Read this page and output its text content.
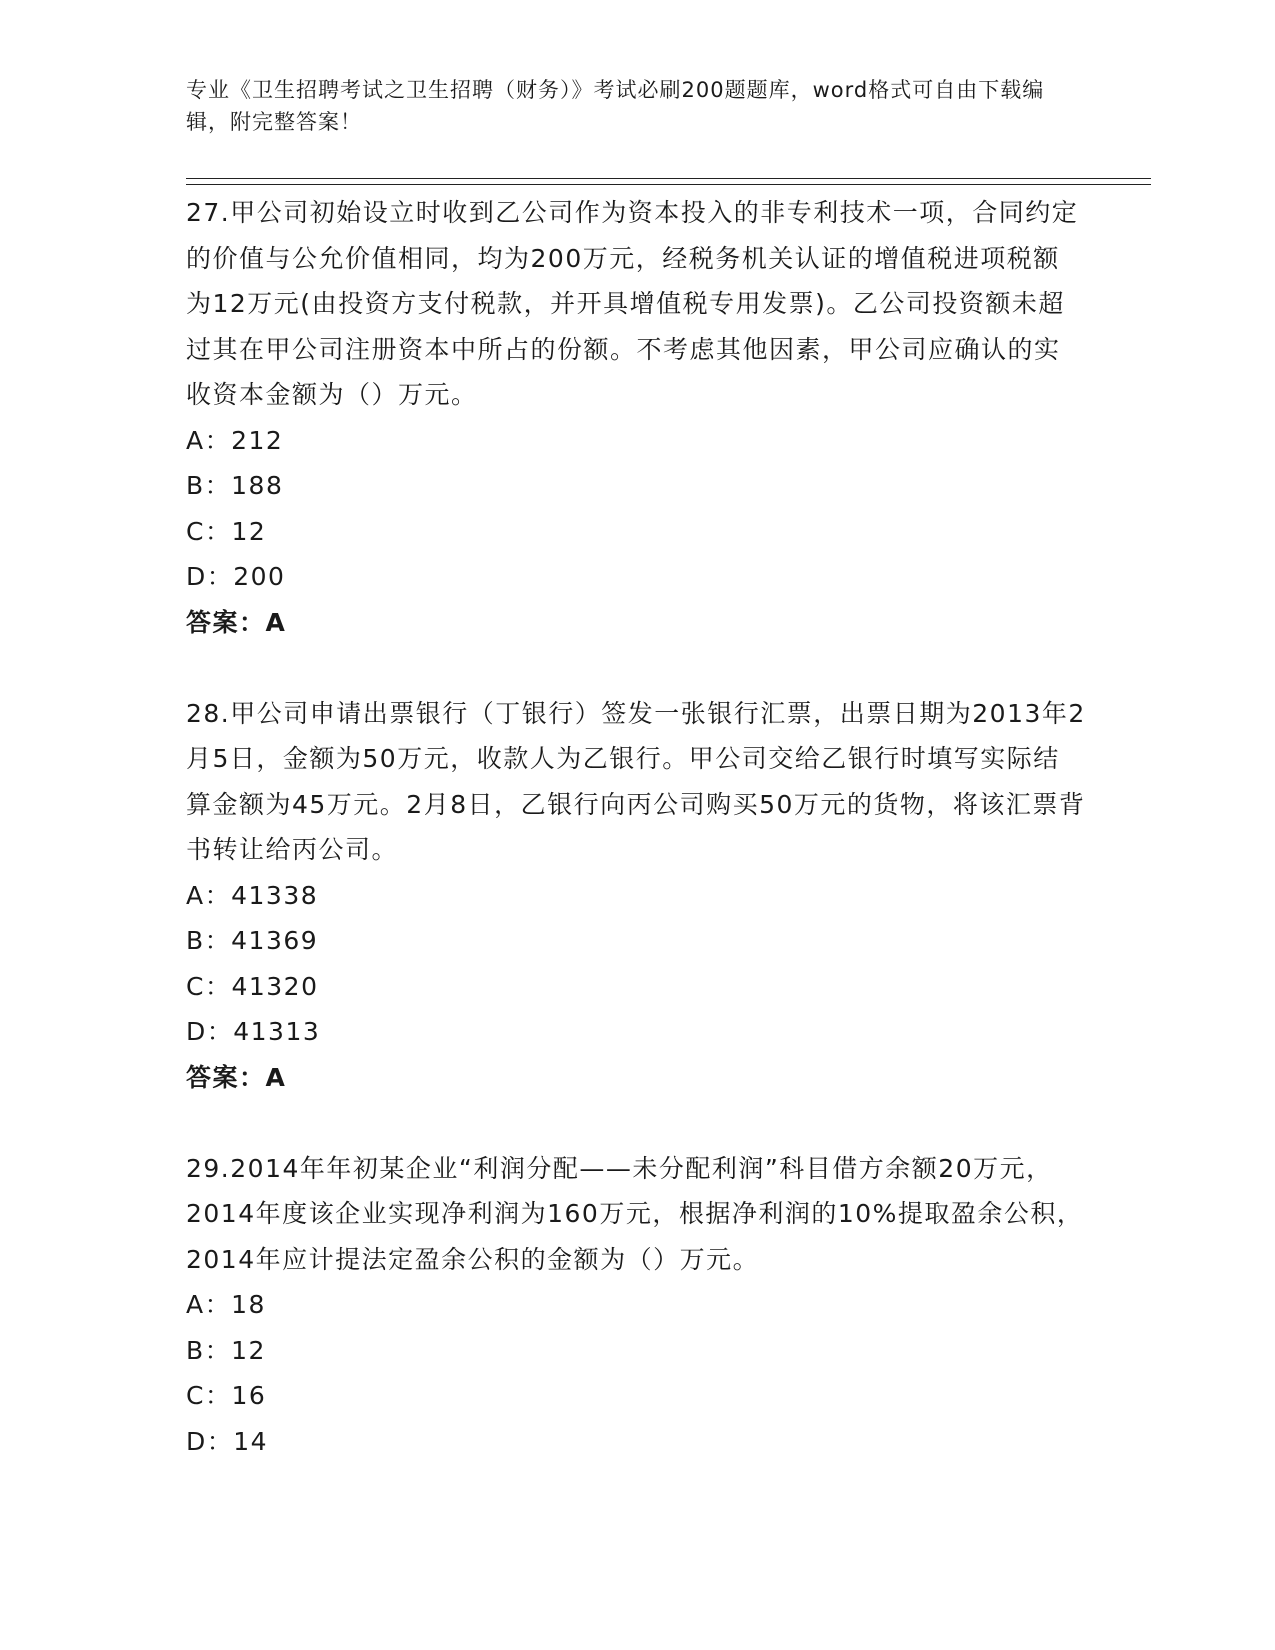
专业《卫生招聘考试之卫生招聘（财务）》考试必刷200题题库，word格式可自由下载编辑，附完整答案！

27.甲公司初始设立时收到乙公司作为资本投入的非专利技术一项，合同约定的价值与公允价值相同，均为200万元，经税务机关认证的增值税进项税额为12万元(由投资方支付税款，并开具增值税专用发票)。乙公司投资额未超过其在甲公司注册资本中所占的份额。不考虑其他因素，甲公司应确认的实收资本金额为（）万元。

A：212

B：188

C：12

D：200

答案：A

28.甲公司申请出票银行（丁银行）签发一张银行汇票，出票日期为2013年2月5日，金额为50万元，收款人为乙银行。甲公司交给乙银行时填写实际结算金额为45万元。2月8日，乙银行向丙公司购买50万元的货物，将该汇票背书转让给丙公司。

A：41338

B：41369

C：41320

D：41313

答案：A

29.2014年年初某企业“利润分配——未分配利润”科目借方余额20万元，2014年度该企业实现净利润为160万元，根据净利润的10%提取盈余公积，2014年应计提法定盈余公积的金额为（）万元。

A：18

B：12

C：16

D：14
